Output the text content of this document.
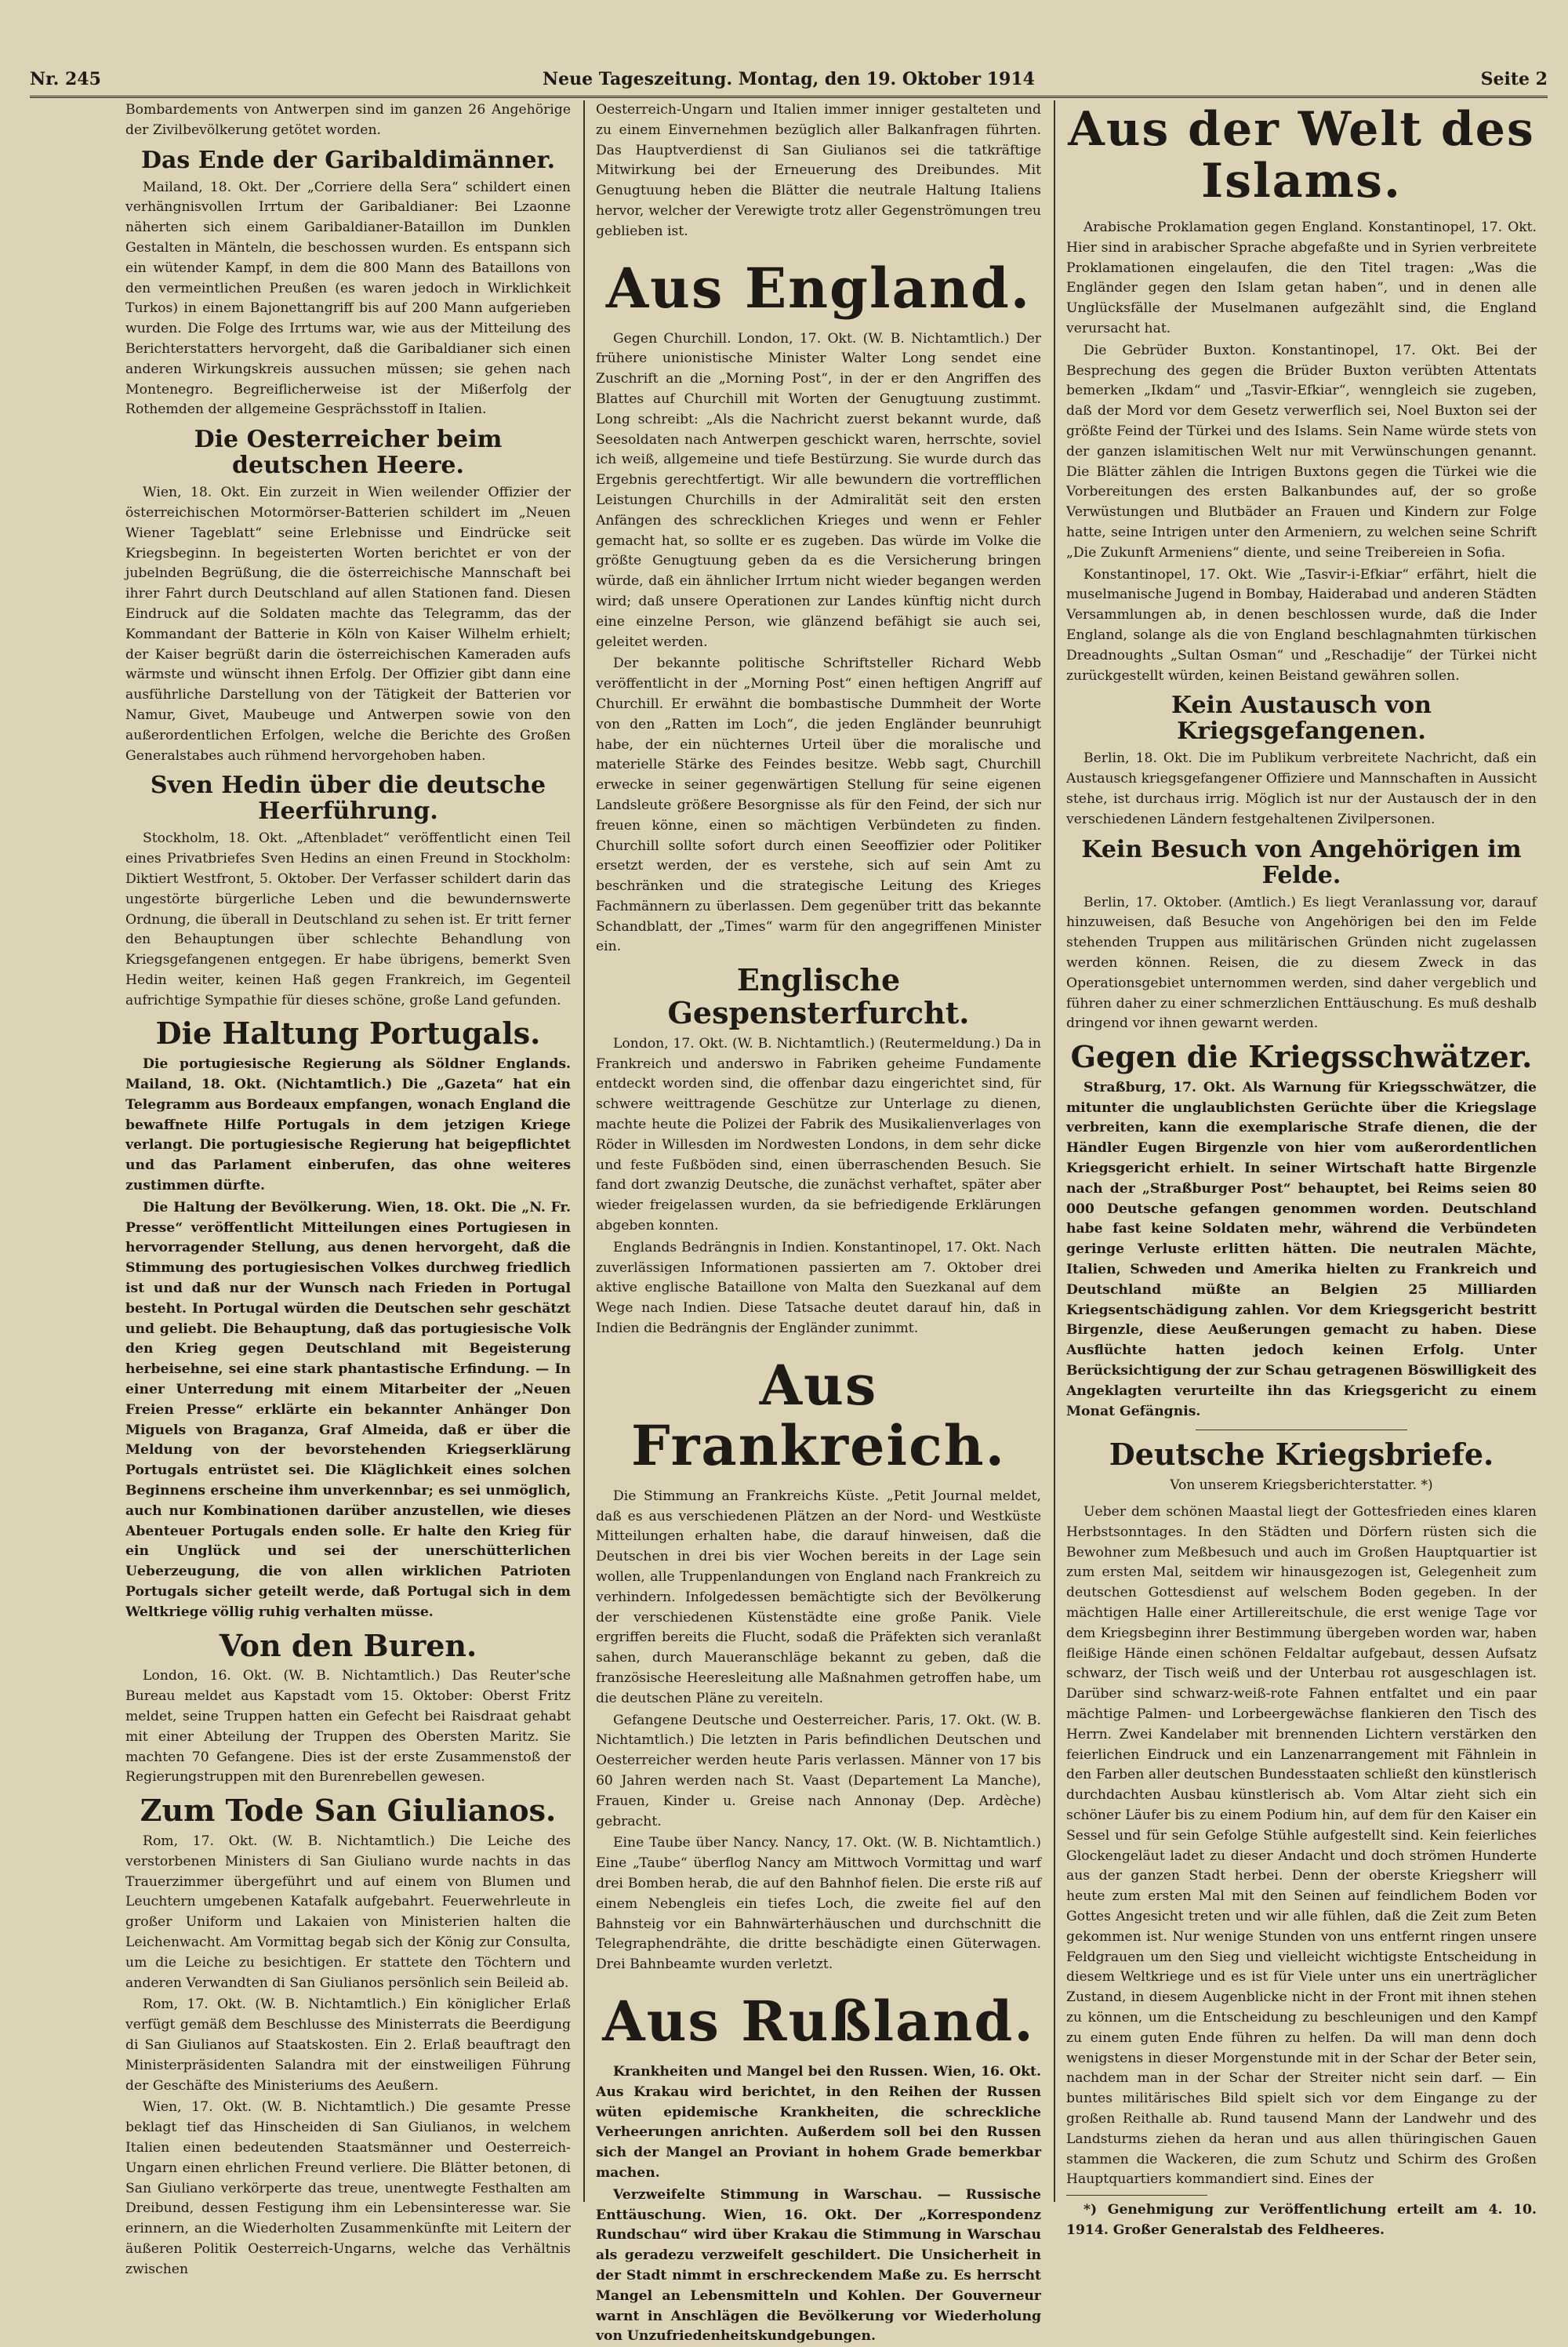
Nr. 245	Neue Tageszeitung. Montag, den 19. Oktober 1914	Seite 2

Bombardements von Antwerpen sind im ganzen 26 Angehörige der Zivilbevölkerung getötet worden.

Das Ende der Garibaldimänner.

Mailand, 18. Okt. Der „Corriere della Sera“ schildert einen verhängnisvollen Irrtum der Garibaldianer: Bei Lzaonne näherten sich einem Garibaldianer-Bataillon im Dunklen Gestalten in Mänteln, die beschossen wurden. Es entspann sich ein wütender Kampf, in dem die 800 Mann des Bataillons von den vermeintlichen Preußen (es waren jedoch in Wirklichkeit Turkos) in einem Bajonettangriff bis auf 200 Mann aufgerieben wurden. Die Folge des Irrtums war, wie aus der Mitteilung des Berichterstatters hervorgeht, daß die Garibaldianer sich einen anderen Wirkungskreis aussuchen müssen; sie gehen nach Montenegro. Begreiflicherweise ist der Mißerfolg der Rothemden der allgemeine Gesprächsstoff in Italien.

Die Oesterreicher beim deutschen Heere.

Wien, 18. Okt. Ein zurzeit in Wien weilender Offizier der österreichischen Motormörser-Batterien schildert im „Neuen Wiener Tageblatt“ seine Erlebnisse und Eindrücke seit Kriegsbeginn. In begeisterten Worten berichtet er von der jubelnden Begrüßung, die die österreichische Mannschaft bei ihrer Fahrt durch Deutschland auf allen Stationen fand. Diesen Eindruck auf die Soldaten machte das Telegramm, das der Kommandant der Batterie in Köln von Kaiser Wilhelm erhielt; der Kaiser begrüßt darin die österreichischen Kameraden aufs wärmste und wünscht ihnen Erfolg. Der Offizier gibt dann eine ausführliche Darstellung von der Tätigkeit der Batterien vor Namur, Givet, Maubeuge und Antwerpen sowie von den außerordentlichen Erfolgen, welche die Berichte des Großen Generalstabes auch rühmend hervorgehoben haben.

Sven Hedin über die deutsche Heerführung.

Stockholm, 18. Okt. „Aftenbladet“ veröffentlicht einen Teil eines Privatbriefes Sven Hedins an einen Freund in Stockholm: Diktiert Westfront, 5. Oktober. Der Verfasser schildert darin das ungestörte bürgerliche Leben und die bewundernswerte Ordnung, die überall in Deutschland zu sehen ist. Er tritt ferner den Behauptungen über schlechte Behandlung von Kriegsgefangenen entgegen. Er habe übrigens, bemerkt Sven Hedin weiter, keinen Haß gegen Frankreich, im Gegenteil aufrichtige Sympathie für dieses schöne, große Land gefunden.

Die Haltung Portugals.

Die portugiesische Regierung als Söldner Englands. Mailand, 18. Okt. (Nichtamtlich.) Die „Gazeta“ hat ein Telegramm aus Bordeaux empfangen, wonach England die bewaffnete Hilfe Portugals in dem jetzigen Kriege verlangt. Die portugiesische Regierung hat beigepflichtet und das Parlament einberufen, das ohne weiteres zustimmen dürfte.

Die Haltung der Bevölkerung. Wien, 18. Okt. Die „N. Fr. Presse“ veröffentlicht Mitteilungen eines Portugiesen in hervorragender Stellung, aus denen hervorgeht, daß die Stimmung des portugiesischen Volkes durchweg friedlich ist und daß nur der Wunsch nach Frieden in Portugal besteht. In Portugal würden die Deutschen sehr geschätzt und geliebt. Die Behauptung, daß das portugiesische Volk den Krieg gegen Deutschland mit Begeisterung herbeisehne, sei eine stark phantastische Erfindung. — In einer Unterredung mit einem Mitarbeiter der „Neuen Freien Presse“ erklärte ein bekannter Anhänger Don Miguels von Braganza, Graf Almeida, daß er über die Meldung von der bevorstehenden Kriegserklärung Portugals entrüstet sei. Die Kläglichkeit eines solchen Beginnens erscheine ihm unverkennbar; es sei unmöglich, auch nur Kombinationen darüber anzustellen, wie dieses Abenteuer Portugals enden solle. Er halte den Krieg für ein Unglück und sei der unerschütterlichen Ueberzeugung, die von allen wirklichen Patrioten Portugals sicher geteilt werde, daß Portugal sich in dem Weltkriege völlig ruhig verhalten müsse.

Von den Buren.

London, 16. Okt. (W. B. Nichtamtlich.) Das Reuter'sche Bureau meldet aus Kapstadt vom 15. Oktober: Oberst Fritz meldet, seine Truppen hatten ein Gefecht bei Raisdraat gehabt mit einer Abteilung der Truppen des Obersten Maritz. Sie machten 70 Gefangene. Dies ist der erste Zusammenstoß der Regierungstruppen mit den Burenrebellen gewesen.

Zum Tode San Giulianos.

Rom, 17. Okt. (W. B. Nichtamtlich.) Die Leiche des verstorbenen Ministers di San Giuliano wurde nachts in das Trauerzimmer übergeführt und auf einem von Blumen und Leuchtern umgebenen Katafalk aufgebahrt. Feuerwehrleute in großer Uniform und Lakaien von Ministerien halten die Leichenwacht. Am Vormittag begab sich der König zur Consulta, um die Leiche zu besichtigen. Er stattete den Töchtern und anderen Verwandten di San Giulianos persönlich sein Beileid ab.

Rom, 17. Okt. (W. B. Nichtamtlich.) Ein königlicher Erlaß verfügt gemäß dem Beschlusse des Ministerrats die Beerdigung di San Giulianos auf Staatskosten. Ein 2. Erlaß beauftragt den Ministerpräsidenten Salandra mit der einstweiligen Führung der Geschäfte des Ministeriums des Aeußern.

Wien, 17. Okt. (W. B. Nichtamtlich.) Die gesamte Presse beklagt tief das Hinscheiden di San Giulianos, in welchem Italien einen bedeutenden Staatsmänner und Oesterreich-Ungarn einen ehrlichen Freund verliere. Die Blätter betonen, di San Giuliano verkörperte das treue, unentwegte Festhalten am Dreibund, dessen Festigung ihm ein Lebensinteresse war. Sie erinnern, an die Wiederholten Zusammenkünfte mit Leitern der äußeren Politik Oesterreich-Ungarns, welche das Verhältnis zwischen

Oesterreich-Ungarn und Italien immer inniger gestalteten und zu einem Einvernehmen bezüglich aller Balkanfragen führten. Das Hauptverdienst di San Giulianos sei die tatkräftige Mitwirkung bei der Erneuerung des Dreibundes. Mit Genugtuung heben die Blätter die neutrale Haltung Italiens hervor, welcher der Verewigte trotz aller Gegenströmungen treu geblieben ist.

Aus England.

Gegen Churchill. London, 17. Okt. (W. B. Nichtamtlich.) Der frühere unionistische Minister Walter Long sendet eine Zuschrift an die „Morning Post“, in der er den Angriffen des Blattes auf Churchill mit Worten der Genugtuung zustimmt. Long schreibt: „Als die Nachricht zuerst bekannt wurde, daß Seesoldaten nach Antwerpen geschickt waren, herrschte, soviel ich weiß, allgemeine und tiefe Bestürzung. Sie wurde durch das Ergebnis gerechtfertigt. Wir alle bewundern die vortrefflichen Leistungen Churchills in der Admiralität seit den ersten Anfängen des schrecklichen Krieges und wenn er Fehler gemacht hat, so sollte er es zugeben. Das würde im Volke die größte Genugtuung geben da es die Versicherung bringen würde, daß ein ähnlicher Irrtum nicht wieder begangen werden wird; daß unsere Operationen zur Landes künftig nicht durch eine einzelne Person, wie glänzend befähigt sie auch sei, geleitet werden.

Der bekannte politische Schriftsteller Richard Webb veröffentlicht in der „Morning Post“ einen heftigen Angriff auf Churchill. Er erwähnt die bombastische Dummheit der Worte von den „Ratten im Loch“, die jeden Engländer beunruhigt habe, der ein nüchternes Urteil über die moralische und materielle Stärke des Feindes besitze. Webb sagt, Churchill erwecke in seiner gegenwärtigen Stellung für seine eigenen Landsleute größere Besorgnisse als für den Feind, der sich nur freuen könne, einen so mächtigen Verbündeten zu finden. Churchill sollte sofort durch einen Seeoffizier oder Politiker ersetzt werden, der es verstehe, sich auf sein Amt zu beschränken und die strategische Leitung des Krieges Fachmännern zu überlassen. Dem gegenüber tritt das bekannte Schandblatt, der „Times“ warm für den angegriffenen Minister ein.

Englische Gespensterfurcht.

London, 17. Okt. (W. B. Nichtamtlich.) (Reutermeldung.) Da in Frankreich und anderswo in Fabriken geheime Fundamente entdeckt worden sind, die offenbar dazu eingerichtet sind, für schwere weittragende Geschütze zur Unterlage zu dienen, machte heute die Polizei der Fabrik des Musikalienverlages von Röder in Willesden im Nordwesten Londons, in dem sehr dicke und feste Fußböden sind, einen überraschenden Besuch. Sie fand dort zwanzig Deutsche, die zunächst verhaftet, später aber wieder freigelassen wurden, da sie befriedigende Erklärungen abgeben konnten.

Englands Bedrängnis in Indien. Konstantinopel, 17. Okt. Nach zuverlässigen Informationen passierten am 7. Oktober drei aktive englische Bataillone von Malta den Suezkanal auf dem Wege nach Indien. Diese Tatsache deutet darauf hin, daß in Indien die Bedrängnis der Engländer zunimmt.

Aus Frankreich.

Die Stimmung an Frankreichs Küste. „Petit Journal meldet, daß es aus verschiedenen Plätzen an der Nord- und Westküste Mitteilungen erhalten habe, die darauf hinweisen, daß die Deutschen in drei bis vier Wochen bereits in der Lage sein wollen, alle Truppenlandungen von England nach Frankreich zu verhindern. Infolgedessen bemächtigte sich der Bevölkerung der verschiedenen Küstenstädte eine große Panik. Viele ergriffen bereits die Flucht, sodaß die Präfekten sich veranlaßt sahen, durch Maueranschläge bekannt zu geben, daß die französische Heeresleitung alle Maßnahmen getroffen habe, um die deutschen Pläne zu vereiteln.

Gefangene Deutsche und Oesterreicher. Paris, 17. Okt. (W. B. Nichtamtlich.) Die letzten in Paris befindlichen Deutschen und Oesterreicher werden heute Paris verlassen. Männer von 17 bis 60 Jahren werden nach St. Vaast (Departement La Manche), Frauen, Kinder u. Greise nach Annonay (Dep. Ardèche) gebracht.

Eine Taube über Nancy. Nancy, 17. Okt. (W. B. Nichtamtlich.) Eine „Taube“ überflog Nancy am Mittwoch Vormittag und warf drei Bomben herab, die auf den Bahnhof fielen. Die erste riß auf einem Nebengleis ein tiefes Loch, die zweite fiel auf den Bahnsteig vor ein Bahnwärterhäuschen und durchschnitt die Telegraphendrähte, die dritte beschädigte einen Güterwagen. Drei Bahnbeamte wurden verletzt.

Aus Rußland.

Krankheiten und Mangel bei den Russen. Wien, 16. Okt. Aus Krakau wird berichtet, in den Reihen der Russen wüten epidemische Krankheiten, die schreckliche Verheerungen anrichten. Außerdem soll bei den Russen sich der Mangel an Proviant in hohem Grade bemerkbar machen.

Verzweifelte Stimmung in Warschau. — Russische Enttäuschung. Wien, 16. Okt. Der „Korrespondenz Rundschau“ wird über Krakau die Stimmung in Warschau als geradezu verzweifelt geschildert. Die Unsicherheit in der Stadt nimmt in erschreckendem Maße zu. Es herrscht Mangel an Lebensmitteln und Kohlen. Der Gouverneur warnt in Anschlägen die Bevölkerung vor Wiederholung von Unzufriedenheitskundgebungen.

Aus der Welt des Islams.

Arabische Proklamation gegen England. Konstantinopel, 17. Okt. Hier sind in arabischer Sprache abgefaßte und in Syrien verbreitete Proklamationen eingelaufen, die den Titel tragen: „Was die Engländer gegen den Islam getan haben“, und in denen alle Unglücksfälle der Muselmanen aufgezählt sind, die England verursacht hat.

Die Gebrüder Buxton. Konstantinopel, 17. Okt. Bei der Besprechung des gegen die Brüder Buxton verübten Attentats bemerken „Ikdam“ und „Tasvir-Efkiar“, wenngleich sie zugeben, daß der Mord vor dem Gesetz verwerflich sei, Noel Buxton sei der größte Feind der Türkei und des Islams. Sein Name würde stets von der ganzen islamitischen Welt nur mit Verwünschungen genannt. Die Blätter zählen die Intrigen Buxtons gegen die Türkei wie die Vorbereitungen des ersten Balkanbundes auf, der so große Verwüstungen und Blutbäder an Frauen und Kindern zur Folge hatte, seine Intrigen unter den Armeniern, zu welchen seine Schrift „Die Zukunft Armeniens“ diente, und seine Treibereien in Sofia.

Konstantinopel, 17. Okt. Wie „Tasvir-i-Efkiar“ erfährt, hielt die muselmanische Jugend in Bombay, Haiderabad und anderen Städten Versammlungen ab, in denen beschlossen wurde, daß die Inder England, solange als die von England beschlagnahmten türkischen Dreadnoughts „Sultan Osman“ und „Reschadije“ der Türkei nicht zurückgestellt würden, keinen Beistand gewähren sollen.

Kein Austausch von Kriegsgefangenen.

Berlin, 18. Okt. Die im Publikum verbreitete Nachricht, daß ein Austausch kriegsgefangener Offiziere und Mannschaften in Aussicht stehe, ist durchaus irrig. Möglich ist nur der Austausch der in den verschiedenen Ländern festgehaltenen Zivilpersonen.

Kein Besuch von Angehörigen im Felde.

Berlin, 17. Oktober. (Amtlich.) Es liegt Veranlassung vor, darauf hinzuweisen, daß Besuche von Angehörigen bei den im Felde stehenden Truppen aus militärischen Gründen nicht zugelassen werden können. Reisen, die zu diesem Zweck in das Operationsgebiet unternommen werden, sind daher vergeblich und führen daher zu einer schmerzlichen Enttäuschung. Es muß deshalb dringend vor ihnen gewarnt werden.

Gegen die Kriegsschwätzer.

Straßburg, 17. Okt. Als Warnung für Kriegsschwätzer, die mitunter die unglaublichsten Gerüchte über die Kriegslage verbreiten, kann die exemplarische Strafe dienen, die der Händler Eugen Birgenzle von hier vom außerordentlichen Kriegsgericht erhielt. In seiner Wirtschaft hatte Birgenzle nach der „Straßburger Post“ behauptet, bei Reims seien 80 000 Deutsche gefangen genommen worden. Deutschland habe fast keine Soldaten mehr, während die Verbündeten geringe Verluste erlitten hätten. Die neutralen Mächte, Italien, Schweden und Amerika hielten zu Frankreich und Deutschland müßte an Belgien 25 Milliarden Kriegsentschädigung zahlen. Vor dem Kriegsgericht bestritt Birgenzle, diese Aeußerungen gemacht zu haben. Diese Ausflüchte hatten jedoch keinen Erfolg. Unter Berücksichtigung der zur Schau getragenen Böswilligkeit des Angeklagten verurteilte ihn das Kriegsgericht zu einem Monat Gefängnis.

Deutsche Kriegsbriefe.
Von unserem Kriegsberichterstatter. *)

Ueber dem schönen Maastal liegt der Gottesfrieden eines klaren Herbstsonntages. In den Städten und Dörfern rüsten sich die Bewohner zum Meßbesuch und auch im Großen Hauptquartier ist zum ersten Mal, seitdem wir hinausgezogen ist, Gelegenheit zum deutschen Gottesdienst auf welschem Boden gegeben. In der mächtigen Halle einer Artillereitschule, die erst wenige Tage vor dem Kriegsbeginn ihrer Bestimmung übergeben worden war, haben fleißige Hände einen schönen Feldaltar aufgebaut, dessen Aufsatz schwarz, der Tisch weiß und der Unterbau rot ausgeschlagen ist. Darüber sind schwarz-weiß-rote Fahnen entfaltet und ein paar mächtige Palmen- und Lorbeergewächse flankieren den Tisch des Herrn. Zwei Kandelaber mit brennenden Lichtern verstärken den feierlichen Eindruck und ein Lanzenarrangement mit Fähnlein in den Farben aller deutschen Bundesstaaten schließt den künstlerisch durchdachten Ausbau künstlerisch ab. Vom Altar zieht sich ein schöner Läufer bis zu einem Podium hin, auf dem für den Kaiser ein Sessel und für sein Gefolge Stühle aufgestellt sind. Kein feierliches Glockengeläut ladet zu dieser Andacht und doch strömen Hunderte aus der ganzen Stadt herbei. Denn der oberste Kriegsherr will heute zum ersten Mal mit den Seinen auf feindlichem Boden vor Gottes Angesicht treten und wir alle fühlen, daß die Zeit zum Beten gekommen ist. Nur wenige Stunden von uns entfernt ringen unsere Feldgrauen um den Sieg und vielleicht wichtigste Entscheidung in diesem Weltkriege und es ist für Viele unter uns ein unerträglicher Zustand, in diesem Augenblicke nicht in der Front mit ihnen stehen zu können, um die Entscheidung zu beschleunigen und den Kampf zu einem guten Ende führen zu helfen. Da will man denn doch wenigstens in dieser Morgenstunde mit in der Schar der Beter sein, nachdem man in der Schar der Streiter nicht sein darf. — Ein buntes militärisches Bild spielt sich vor dem Eingange zu der großen Reithalle ab. Rund tausend Mann der Landwehr und des Landsturms ziehen da heran und aus allen thüringischen Gauen stammen die Wackeren, die zum Schutz und Schirm des Großen Hauptquartiers kommandiert sind. Eines der

*) Genehmigung zur Veröffentlichung erteilt am 4. 10. 1914. Großer Generalstab des Feldheeres.
